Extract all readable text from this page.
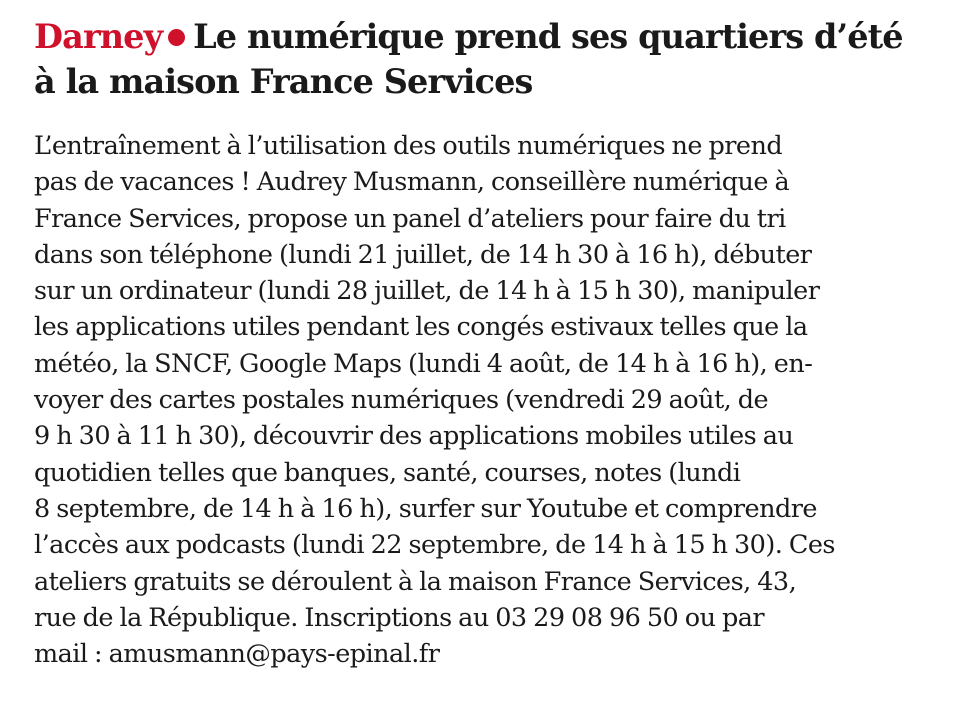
Darney Le numérique prend ses quartiers d’été
à la maison France Services

L’entraînement à l’utilisation des outils numériques ne prend
pas de vacances ! Audrey Musmann, conseillère numérique à
France Services, propose un panel d’ateliers pour faire du tri
dans son téléphone (lundi 21 juillet, de 14 h 30 à 16 h), débuter
sur un ordinateur (lundi 28 juillet, de 14 h à 15 h 30), manipuler
les applications utiles pendant les congés estivaux telles que la
météo, la SNCF, Google Maps (lundi 4 août, de 14 h à 16 h), en-
voyer des cartes postales numériques (vendredi 29 août, de
9 h 30 à 11 h 30), découvrir des applications mobiles utiles au
quotidien telles que banques, santé, courses, notes (lundi
8 septembre, de 14 h à 16 h), surfer sur Youtube et comprendre
l’accès aux podcasts (lundi 22 septembre, de 14 h à 15 h 30). Ces
ateliers gratuits se déroulent à la maison France Services, 43,
rue de la République. Inscriptions au 03 29 08 96 50 ou par
mail : amusmann@pays-epinal.fr
